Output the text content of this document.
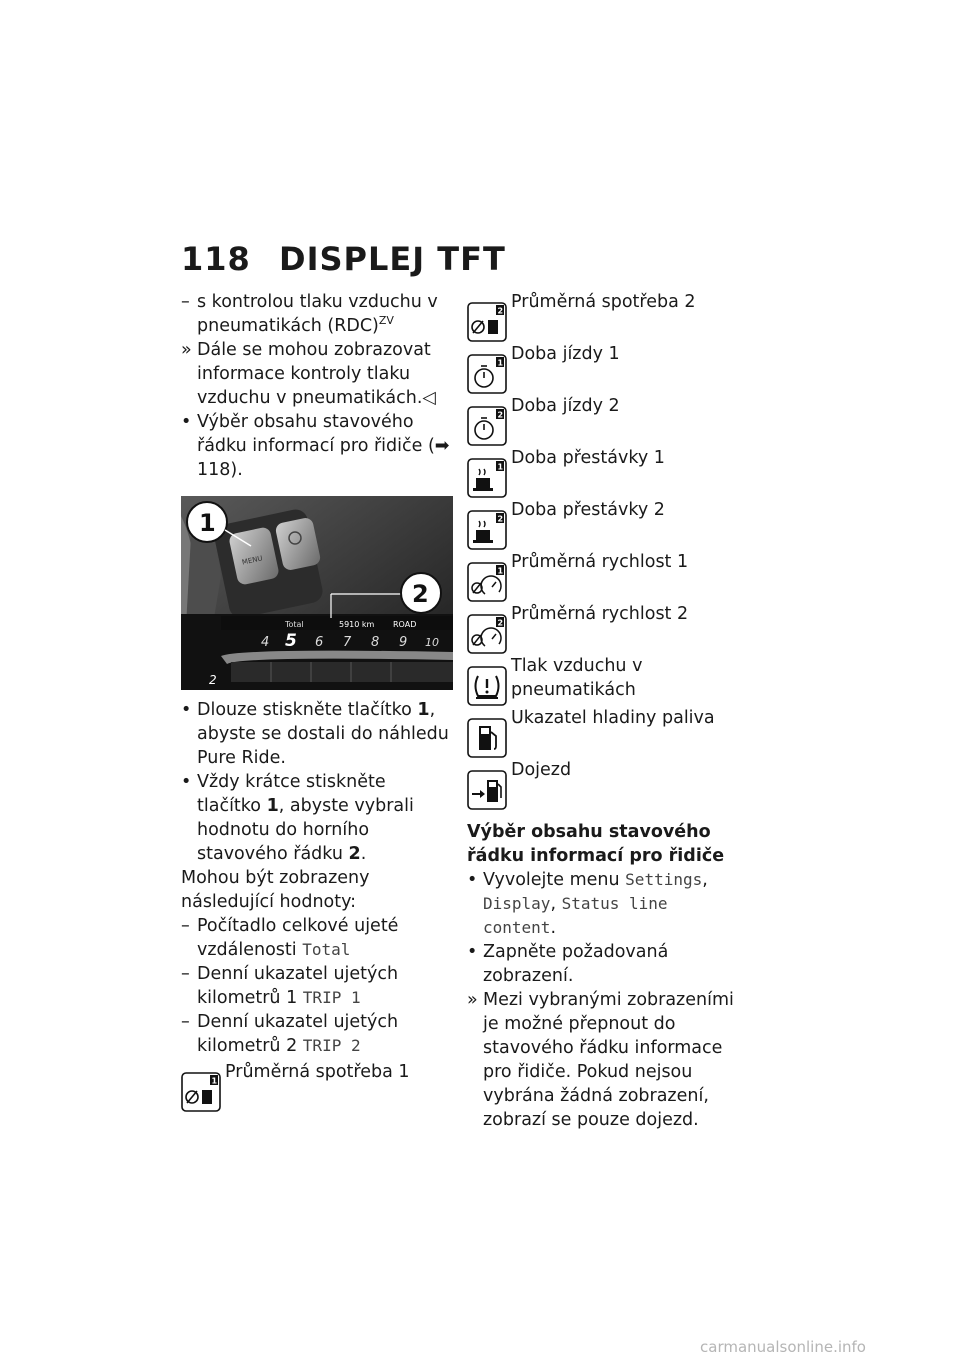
118 DISPLEJ TFT
– s kontrolou tlaku vzduchu v pneumatikách (RDC)$^{ZV}$
» Dále se mohou zobrazovat informace kontroly tlaku vzduchu v pneumatikách.◁
• Výběr obsahu stavového řádku informací pro řidiče (➡ 118).
MENU
Total	5910 km ROAD
4 5 6 7 8 9 10
2
1
2
• Dlouze stiskněte tlačítko 1, abyste se dostali do náhledu Pure Ride.
• Vždy krátce stiskněte tlačítko 1, abyste vybrali hodnotu do horního stavového řádku 2.

Mohou být zobrazeny následující hodnoty:

– Počítadlo celkové ujeté vzdálenosti Total
– Denní ukazatel ujetých kilometrů 1 TRIP 1
– Denní ukazatel ujetých kilometrů 2 TRIP 2
1 Průměrná spotřeba 1
2 Průměrná spotřeba 2
1 Doba jízdy 1
2 Doba jízdy 2
1 Doba přestávky 1
2 Doba přestávky 2
1 Průměrná rychlost 1
2 Průměrná rychlost 2
Tlak vzduchu v pneumatikách
Ukazatel hladiny paliva
Dojezd
Výběr obsahu stavového řádku informací pro řidiče
• Vyvolejte menu Settings, Display, Status line content.
• Zapněte požadovaná zobrazení.
» Mezi vybranými zobrazeními je možné přepnout do stavového řádku informace pro řidiče. Pokud nejsou vybrána žádná zobrazení, zobrazí se pouze dojezd.
carmanualsonline.info
